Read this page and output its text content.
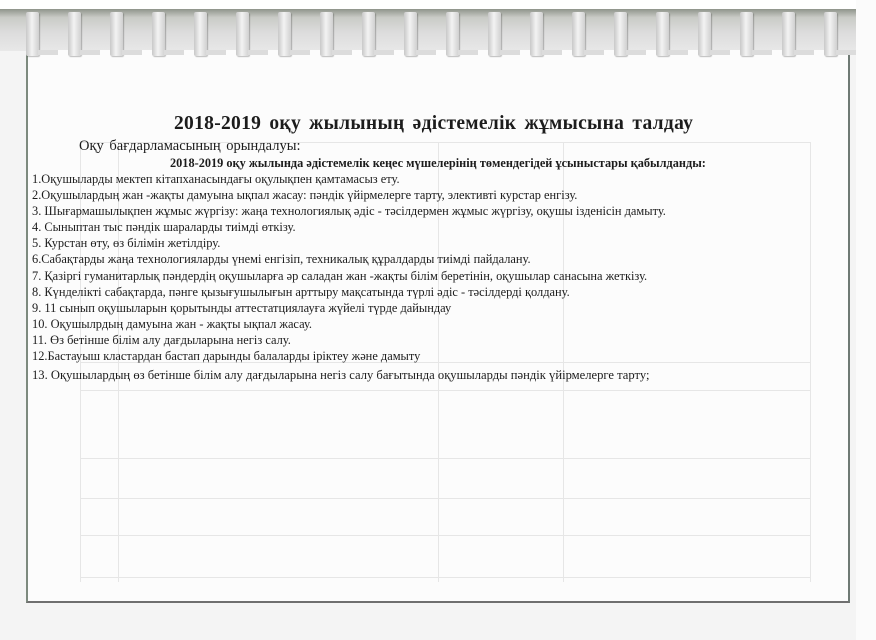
2018-2019 оқу жылының әдістемелік жұмысына талдау
Оқу бағдарламасының орындалуы:
2018-2019 оқу жылында әдістемелік кеңес мүшелерінің төмендегідей ұсыныстары қабылданды:
1.Оқушыларды мектеп кітапханасындағы оқулықпен қамтамасыз ету.
2.Оқушылардың жан -жақты дамуына ықпал жасау: пәндік үйірмелерге тарту, элективті курстар енгізу.
3. Шығармашылықпен жұмыс жүргізу: жаңа технологиялық әдіс - тәсілдермен жұмыс жүргізу, оқушы ізденісін дамыту.
4. Сыныптан тыс пәндік шараларды тиімді өткізу.
5. Курстан өту, өз білімін жетілдіру.
6.Сабақтарды жаңа технологияларды үнемі енгізіп, техникалық құралдарды тиімді пайдалану.
7. Қазіргі гуманитарлық пәндердің оқушыларға әр саладан жан -жақты білім беретінін, оқушылар санасына жеткізу.
8. Күнделікті сабақтарда, пәнге қызығушылығын арттыру мақсатында түрлі әдіс - тәсілдерді қолдану.
9. 11 сынып оқушыларын қорытынды аттестатциялауға жүйелі түрде дайындау
10. Оқушылрдың дамуына жан - жақты ықпал жасау.
11. Өз бетінше білім алу дағдыларына негіз салу.
12.Бастауыш кластардан бастап дарынды балаларды іріктеу және дамыту
13. Оқушылардың өз бетінше білім алу дағдыларына негіз салу бағытында оқушыларды пәндік үйірмелерге тарту;
